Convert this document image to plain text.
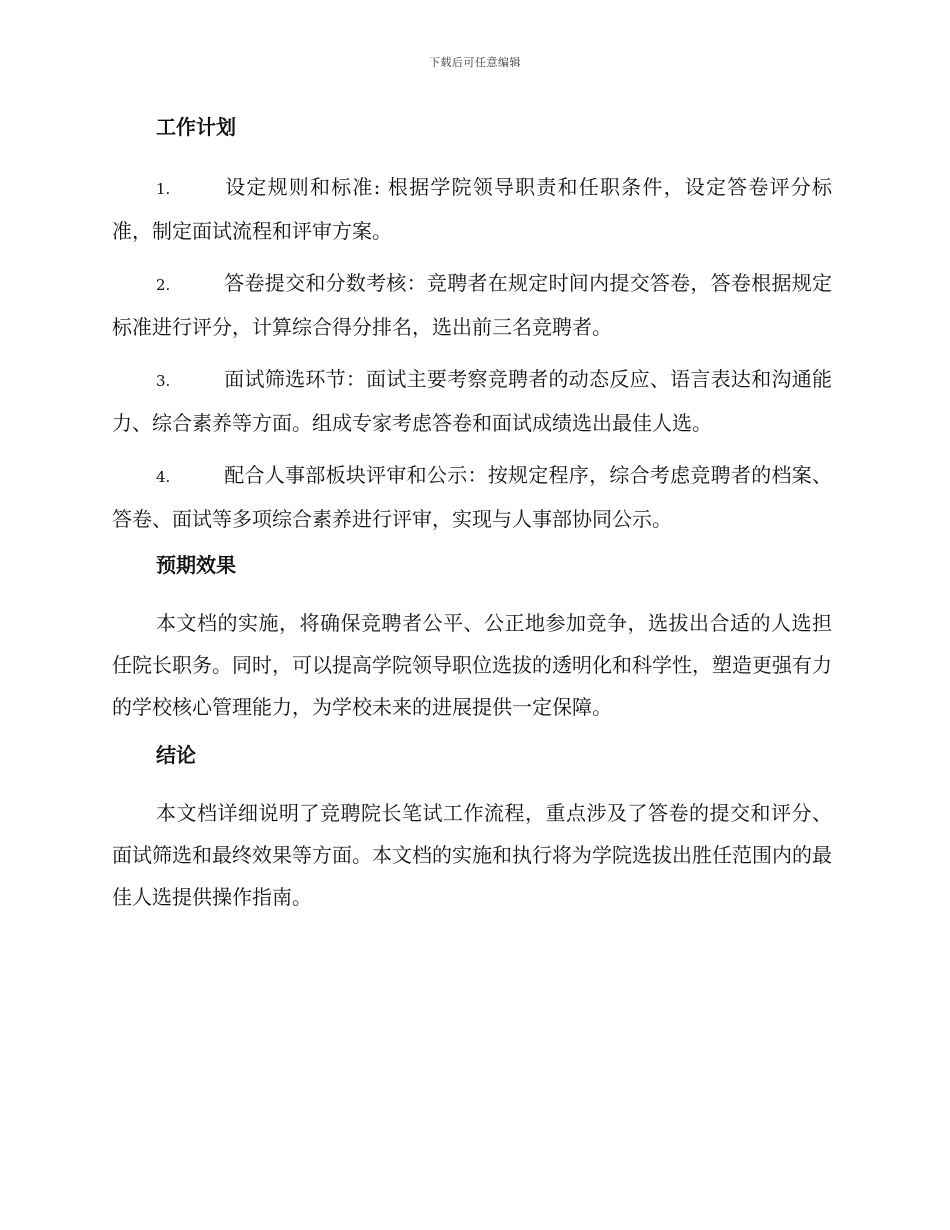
下载后可任意编辑
工作计划

1.	设定规则和标准: 根据学院领导职责和任职条件，设定答卷评分标准，制定面试流程和评审方案。

2.	答卷提交和分数考核：竞聘者在规定时间内提交答卷，答卷根据规定标准进行评分，计算综合得分排名，选出前三名竞聘者。

3.	面试筛选环节：面试主要考察竞聘者的动态反应、语言表达和沟通能力、综合素养等方面。组成专家考虑答卷和面试成绩选出最佳人选。

4.	配合人事部板块评审和公示：按规定程序，综合考虑竞聘者的档案、答卷、面试等多项综合素养进行评审，实现与人事部协同公示。

预期效果

本文档的实施，将确保竞聘者公平、公正地参加竞争，选拔出合适的人选担任院长职务。同时，可以提高学院领导职位选拔的透明化和科学性，塑造更强有力的学校核心管理能力，为学校未来的进展提供一定保障。

结论

本文档详细说明了竞聘院长笔试工作流程，重点涉及了答卷的提交和评分、面试筛选和最终效果等方面。本文档的实施和执行将为学院选拔出胜任范围内的最佳人选提供操作指南。
